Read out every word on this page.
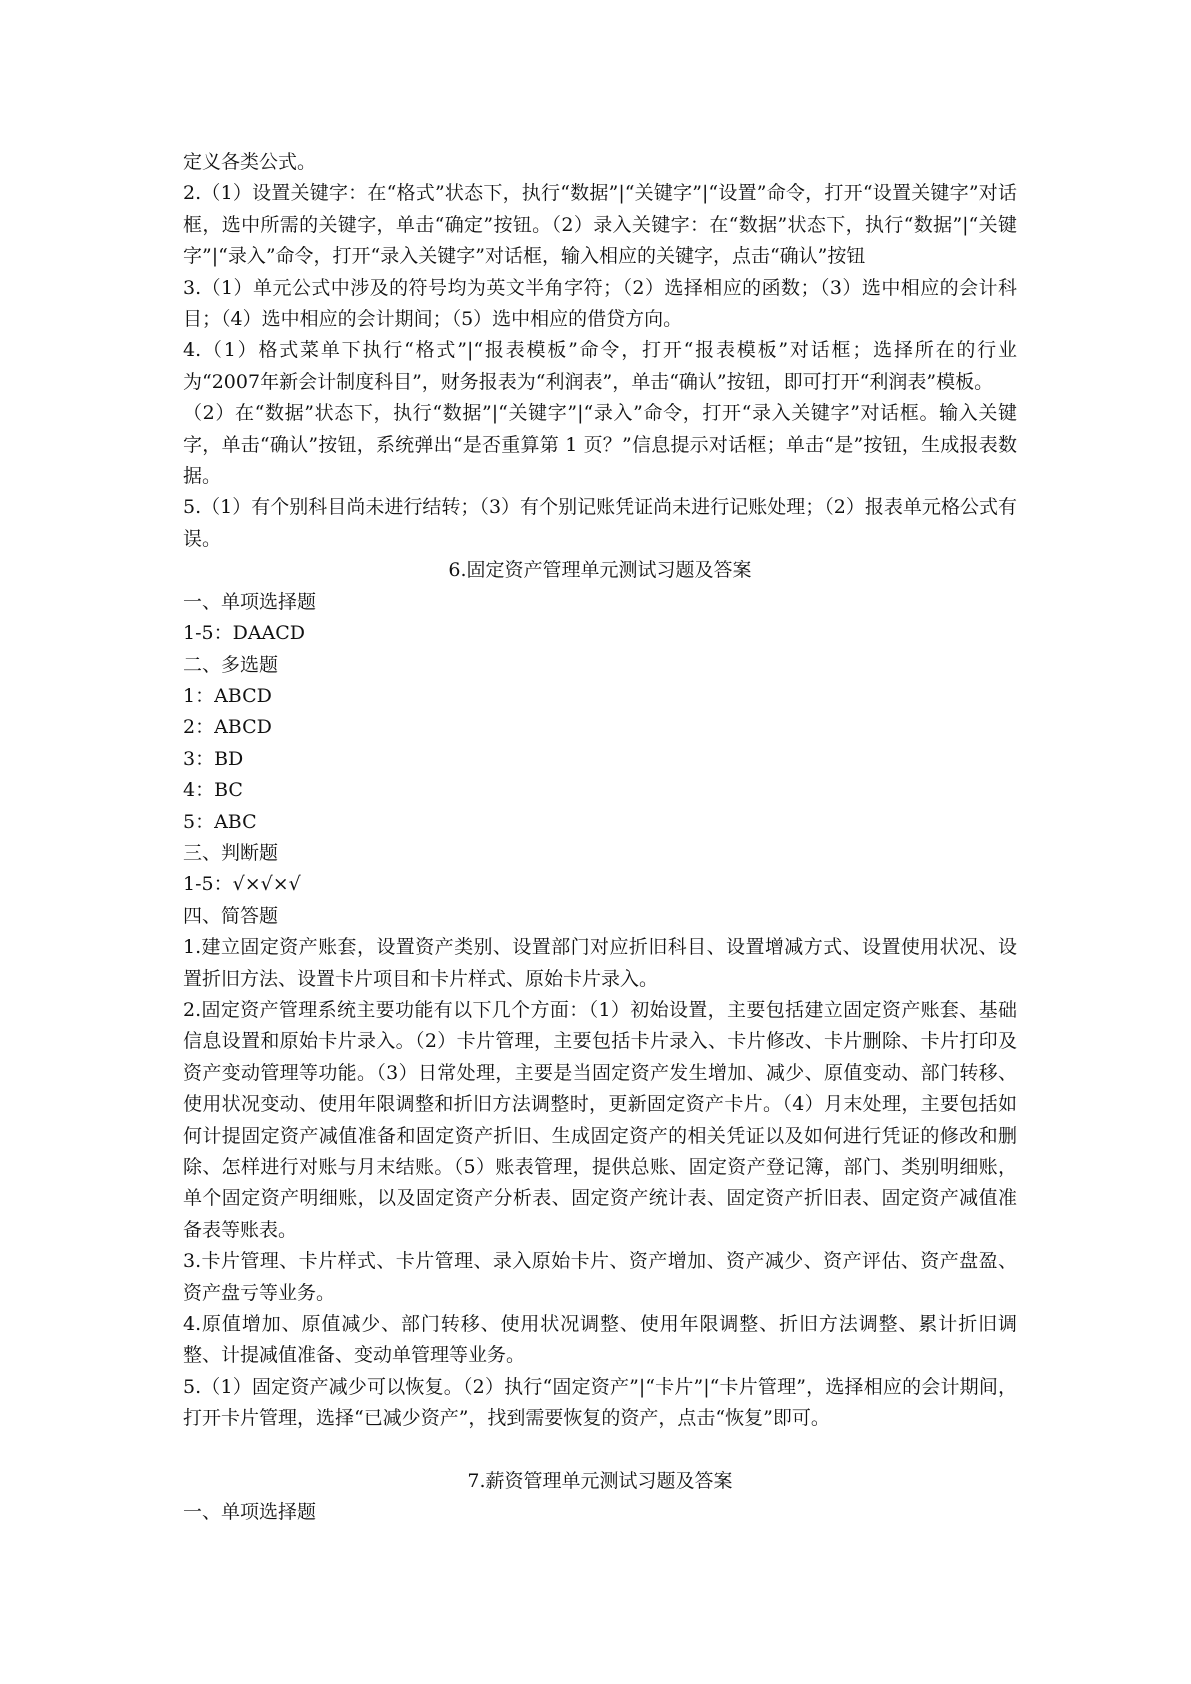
定义各类公式。

2.（1）设置关键字：在“格式”状态下，执行“数据”|“关键字”|“设置”命令，打开“设置关键字”对话框，选中所需的关键字，单击“确定”按钮。（2）录入关键字：在“数据”状态下，执行“数据”|“关键字”|“录入”命令，打开“录入关键字”对话框，输入相应的关键字，点击“确认”按钮

3.（1）单元公式中涉及的符号均为英文半角字符；（2）选择相应的函数；（3）选中相应的会计科目；（4）选中相应的会计期间；（5）选中相应的借贷方向。

4.（1）格式菜单下执行“格式”|“报表模板”命令，打开“报表模板”对话框；选择所在的行业为“2007年新会计制度科目”，财务报表为“利润表”，单击“确认”按钮，即可打开“利润表”模板。

（2）在“数据”状态下，执行“数据”|“关键字”|“录入”命令，打开“录入关键字”对话框。输入关键字，单击“确认”按钮，系统弹出“是否重算第 1 页？”信息提示对话框；单击“是”按钮，生成报表数据。

5.（1）有个别科目尚未进行结转；（3）有个别记账凭证尚未进行记账处理；（2）报表单元格公式有误。

6.固定资产管理单元测试习题及答案

一、单项选择题

1-5：DAACD

二、多选题

1：ABCD

2：ABCD

3：BD

4：BC

5：ABC

三、判断题

1-5：√×√×√

四、简答题

1.建立固定资产账套，设置资产类别、设置部门对应折旧科目、设置增减方式、设置使用状况、设置折旧方法、设置卡片项目和卡片样式、原始卡片录入。

2.固定资产管理系统主要功能有以下几个方面：（1）初始设置，主要包括建立固定资产账套、基础信息设置和原始卡片录入。（2）卡片管理，主要包括卡片录入、卡片修改、卡片删除、卡片打印及资产变动管理等功能。（3）日常处理，主要是当固定资产发生增加、减少、原值变动、部门转移、使用状况变动、使用年限调整和折旧方法调整时，更新固定资产卡片。（4）月末处理，主要包括如何计提固定资产减值准备和固定资产折旧、生成固定资产的相关凭证以及如何进行凭证的修改和删除、怎样进行对账与月末结账。（5）账表管理，提供总账、固定资产登记簿，部门、类别明细账，单个固定资产明细账，以及固定资产分析表、固定资产统计表、固定资产折旧表、固定资产减值准备表等账表。

3.卡片管理、卡片样式、卡片管理、录入原始卡片、资产增加、资产减少、资产评估、资产盘盈、资产盘亏等业务。

4.原值增加、原值减少、部门转移、使用状况调整、使用年限调整、折旧方法调整、累计折旧调整、计提减值准备、变动单管理等业务。

5.（1）固定资产减少可以恢复。（2）执行“固定资产”|“卡片”|“卡片管理”，选择相应的会计期间，打开卡片管理，选择“已减少资产”，找到需要恢复的资产，点击“恢复”即可。

7.薪资管理单元测试习题及答案

一、单项选择题
